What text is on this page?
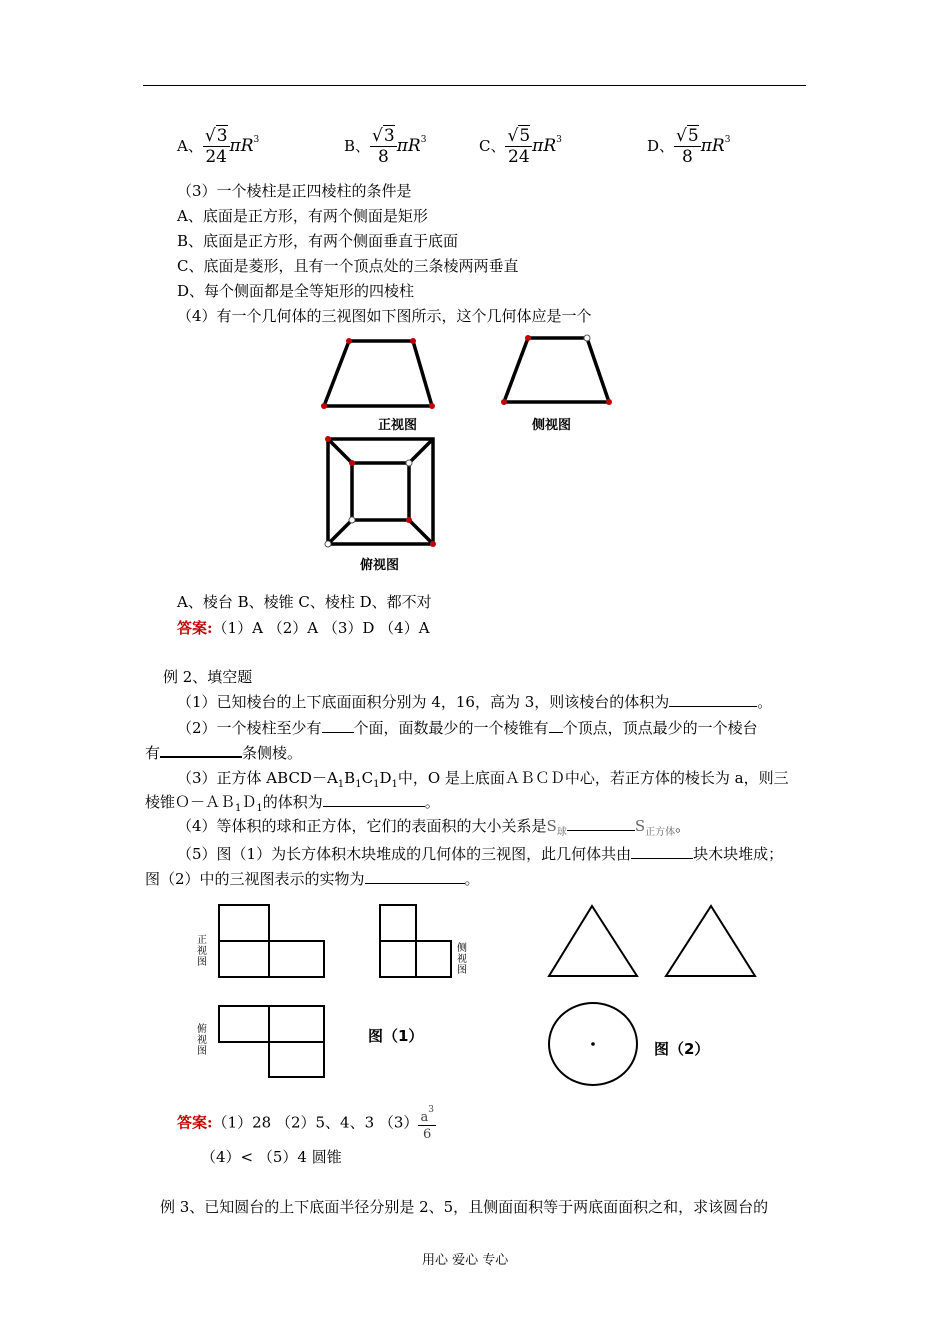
A、 $\frac{√3}{24} \pi R^3$	B、 $\frac{√3}{8} \pi R^3$	C、 $\frac{√5}{24} \pi R^3$	D、 $\frac{√5}{8} \pi R^3$
（3）一个棱柱是正四棱柱的条件是
A、底面是正方形，有两个侧面是矩形
B、底面是正方形，有两个侧面垂直于底面
C、底面是菱形，且有一个顶点处的三条棱两两垂直
D、每个侧面都是全等矩形的四棱柱
（4）有一个几何体的三视图如下图所示，这个几何体应是一个
正视图	侧视图
俯视图
A、棱台 B、棱锥 C、棱柱 D、都不对
答案:（1）A （2）A （3）D （4）A
例 2、填空题
（1）已知棱台的上下底面面积分别为 4，16，高为 3，则该棱台的体积为	。
（2）一个棱柱至少有 个面，面数最少的一个棱锥有 个顶点，顶点最少的一个棱台
有	条侧棱。
（3）正方体 $ABCD-A_1B_1C_1D_1$中，O 是上底面ＡＢＣＤ中心，若正方体的棱长为 a，则三
棱锥Ｏ－ＡＢ$_1$Ｄ$_1$的体积为	。
（4）等体积的球和正方体，它们的表面积的大小关系是$S_球$	$S_{正方体}$。
（5）图（1）为长方体积木块堆成的几何体的三视图，此几何体共由	块木块堆成；
图（2）中的三视图表示的实物为	。
正视图
俯视图
侧视图
图（1）
图（2）
答案:（1）28 （2）5、4、3 $(3) \frac{a^3}{6}$
（4）< （5）4 圆锥
例 3、已知圆台的上下底面半径分别是 2、5，且侧面面积等于两底面面积之和，求该圆台的
用心 爱心 专心
